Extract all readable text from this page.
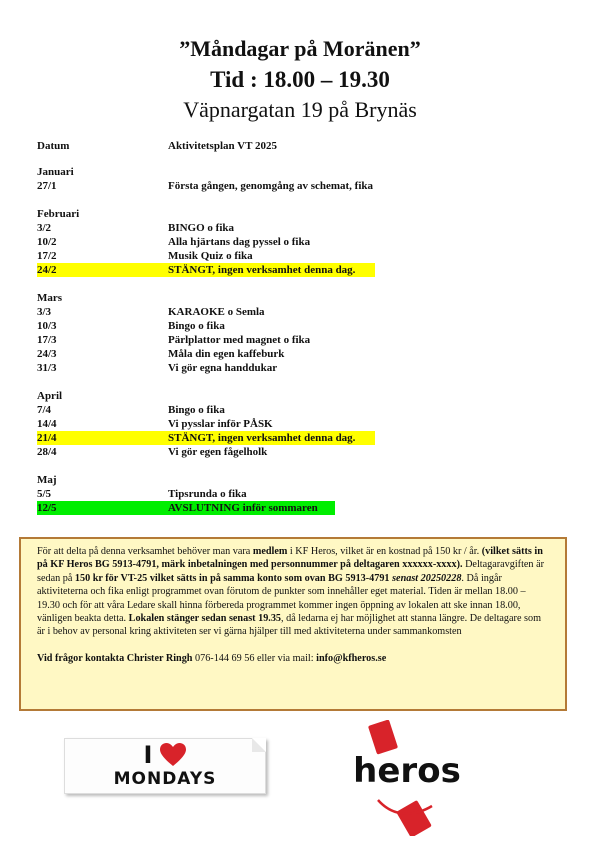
”Måndagar på Moränen”
Tid : 18.00 – 19.30
Väpnargatan 19 på Brynäs
Datum	Aktivitetsplan VT 2025
Januari
27/1	Första gången, genomgång av schemat, fika
Februari
3/2	BINGO o fika
10/2	Alla hjärtans dag pyssel o fika
17/2	Musik Quiz o fika
24/2	STÄNGT, ingen verksamhet denna dag.
Mars
3/3	KARAOKE o Semla
10/3	Bingo o fika
17/3	Pärlplattor med magnet o fika
24/3	Måla din egen kaffeburk
31/3	Vi gör egna handdukar
April
7/4	Bingo o fika
14/4	Vi pysslar inför PÅSK
21/4	STÄNGT, ingen verksamhet denna dag.
28/4	Vi gör egen fågelholk
Maj
5/5	Tipsrunda o fika
12/5	AVSLUTNING inför sommaren

För att delta på denna verksamhet behöver man vara medlem i KF Heros, vilket är en kostnad på 150 kr / år. (vilket sätts in på KF Heros BG 5913-4791, märk inbetalningen med personnummer på deltagaren xxxxxx-xxxx). Deltagaravgiften är sedan på 150 kr för VT-25 vilket sätts in på samma konto som ovan BG 5913-4791 senast 20250228. Då ingår aktiviteterna och fika enligt programmet ovan förutom de punkter som innehåller eget material. Tiden är mellan 18.00 – 19.30 och för att våra Ledare skall hinna förbereda programmet kommer ingen öppning av lokalen att ske innan 18.00, vänligen beakta detta. Lokalen stänger sedan senast 19.35, då ledarna ej har möjlighet att stanna längre. De deltagare som är i behov av personal kring aktiviteten ser vi gärna hjälper till med aktiviteterna under sammankomsten

Vid frågor kontakta Christer Ringh 076-144 69 56 eller via mail: info@kfheros.se

I
MONDAYS	heros
